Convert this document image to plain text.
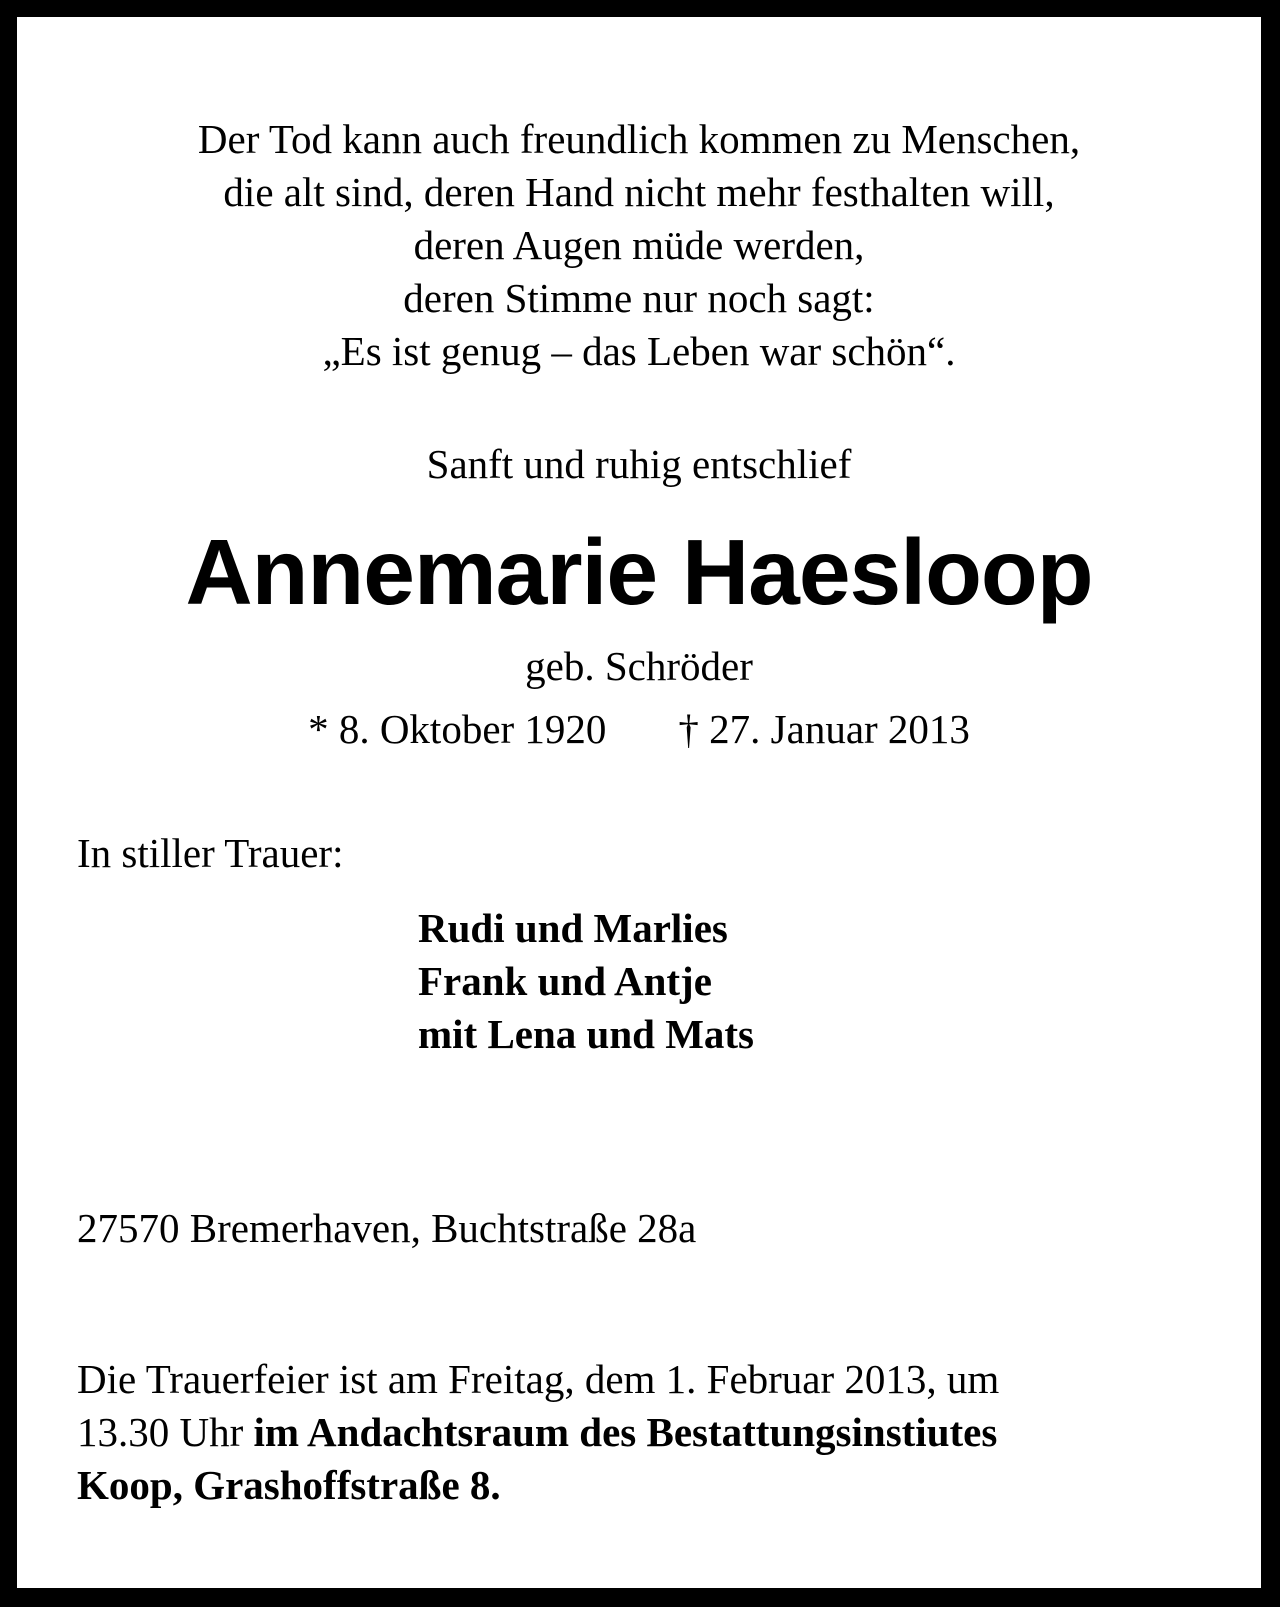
Der Tod kann auch freundlich kommen zu Menschen,
die alt sind, deren Hand nicht mehr festhalten will,
deren Augen müde werden,
deren Stimme nur noch sagt:
„Es ist genug – das Leben war schön“.
Sanft und ruhig entschlief
Annemarie Haesloop
geb. Schröder
* 8. Oktober 1920 † 27. Januar 2013
In stiller Trauer:
Rudi und Marlies
Frank und Antje
mit Lena und Mats
27570 Bremerhaven, Buchtstraße 28a
Die Trauerfeier ist am Freitag, dem 1. Februar 2013, um
13.30 Uhr im Andachtsraum des Bestattungsinstiutes
Koop, Grashoffstraße 8.
